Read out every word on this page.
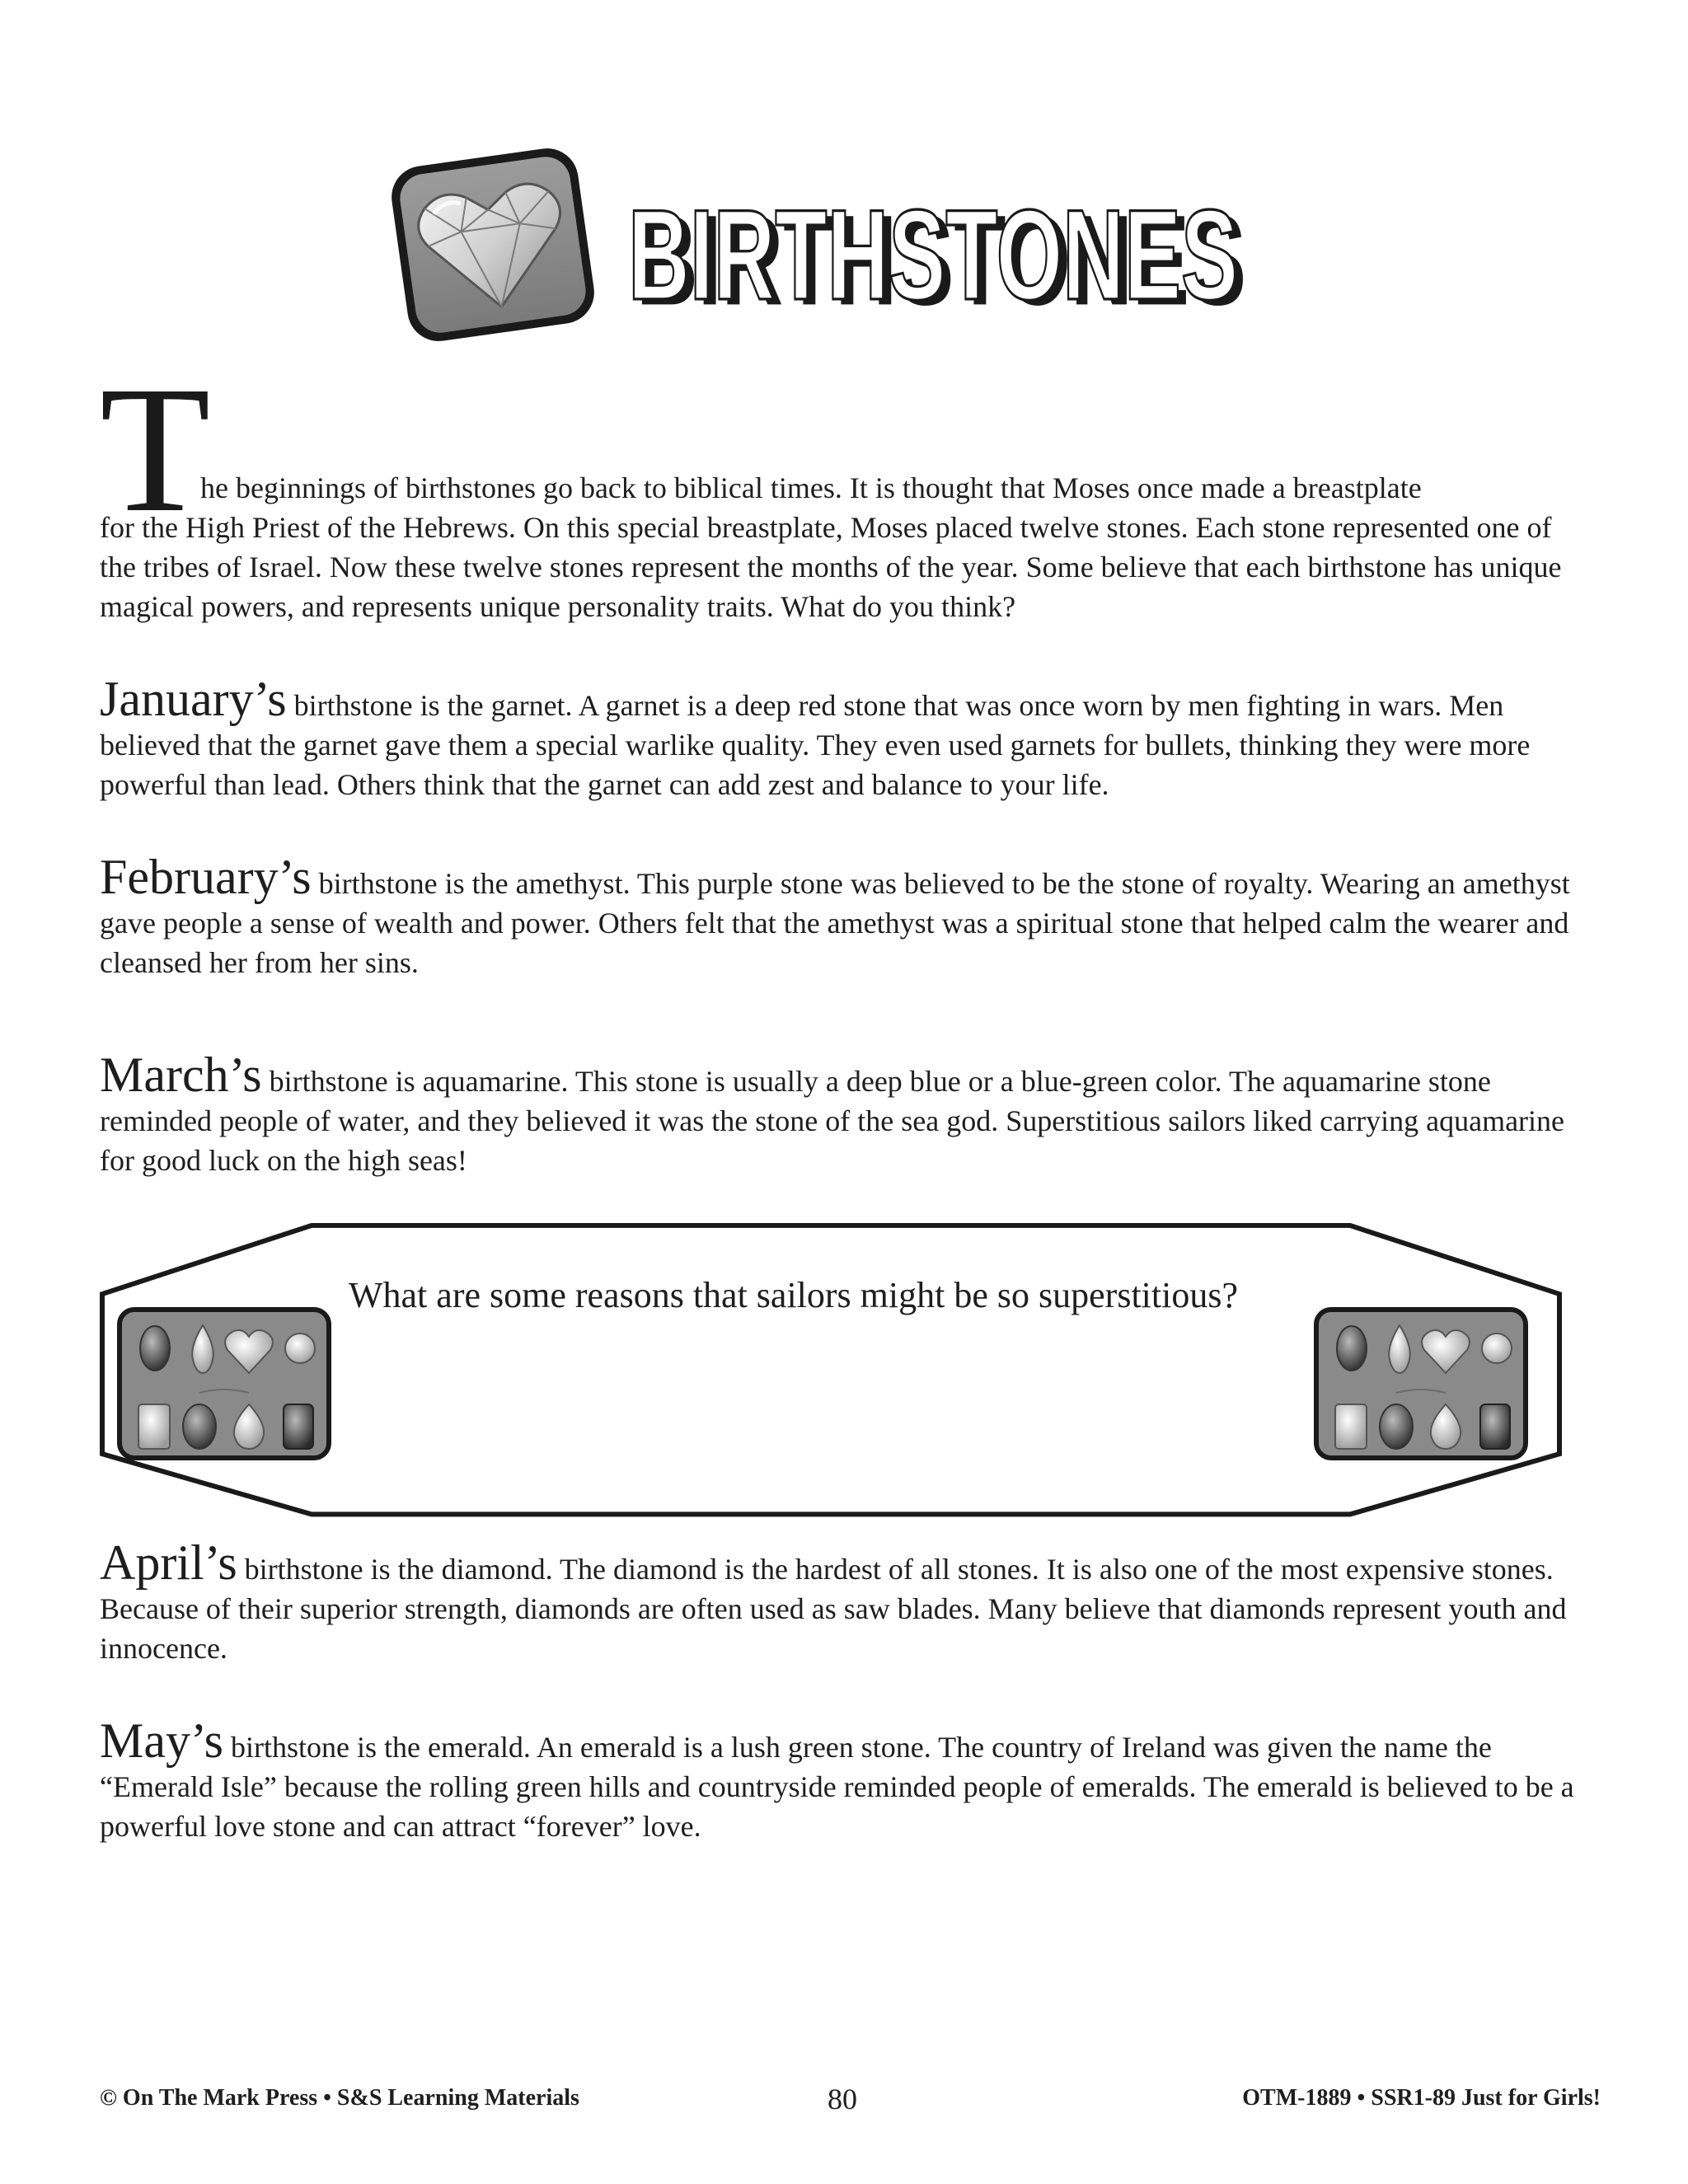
BIRTHSTONES
BIRTHSTONES
T
he beginnings of birthstones go back to biblical times. It is thought that Moses once made a breastplate

for the High Priest of the Hebrews. On this special breastplate, Moses placed twelve stones. Each stone represented one of the tribes of Israel. Now these twelve stones represent the months of the year. Some believe that each birthstone has unique magical powers, and represents unique personality traits. What do you think?

January’s birthstone is the garnet. A garnet is a deep red stone that was once worn by men fighting in wars. Men believed that the garnet gave them a special warlike quality. They even used garnets for bullets, thinking they were more powerful than lead. Others think that the garnet can add zest and balance to your life.

February’s birthstone is the amethyst. This purple stone was believed to be the stone of royalty. Wearing an amethyst gave people a sense of wealth and power. Others felt that the amethyst was a spiritual stone that helped calm the wearer and cleansed her from her sins.

March’s birthstone is aquamarine. This stone is usually a deep blue or a blue-green color. The aquamarine stone reminded people of water, and they believed it was the stone of the sea god. Superstitious sailors liked carrying aquamarine for good luck on the high seas!

What are some reasons that sailors might be so superstitious?

April’s birthstone is the diamond. The diamond is the hardest of all stones. It is also one of the most expensive stones. Because of their superior strength, diamonds are often used as saw blades. Many believe that diamonds represent youth and innocence.

May’s birthstone is the emerald. An emerald is a lush green stone. The country of Ireland was given the name the “Emerald Isle” because the rolling green hills and countryside reminded people of emeralds. The emerald is believed to be a powerful love stone and can attract “forever” love.

© On The Mark Press • S&S Learning Materials	80	OTM-1889 • SSR1-89 Just for Girls!
